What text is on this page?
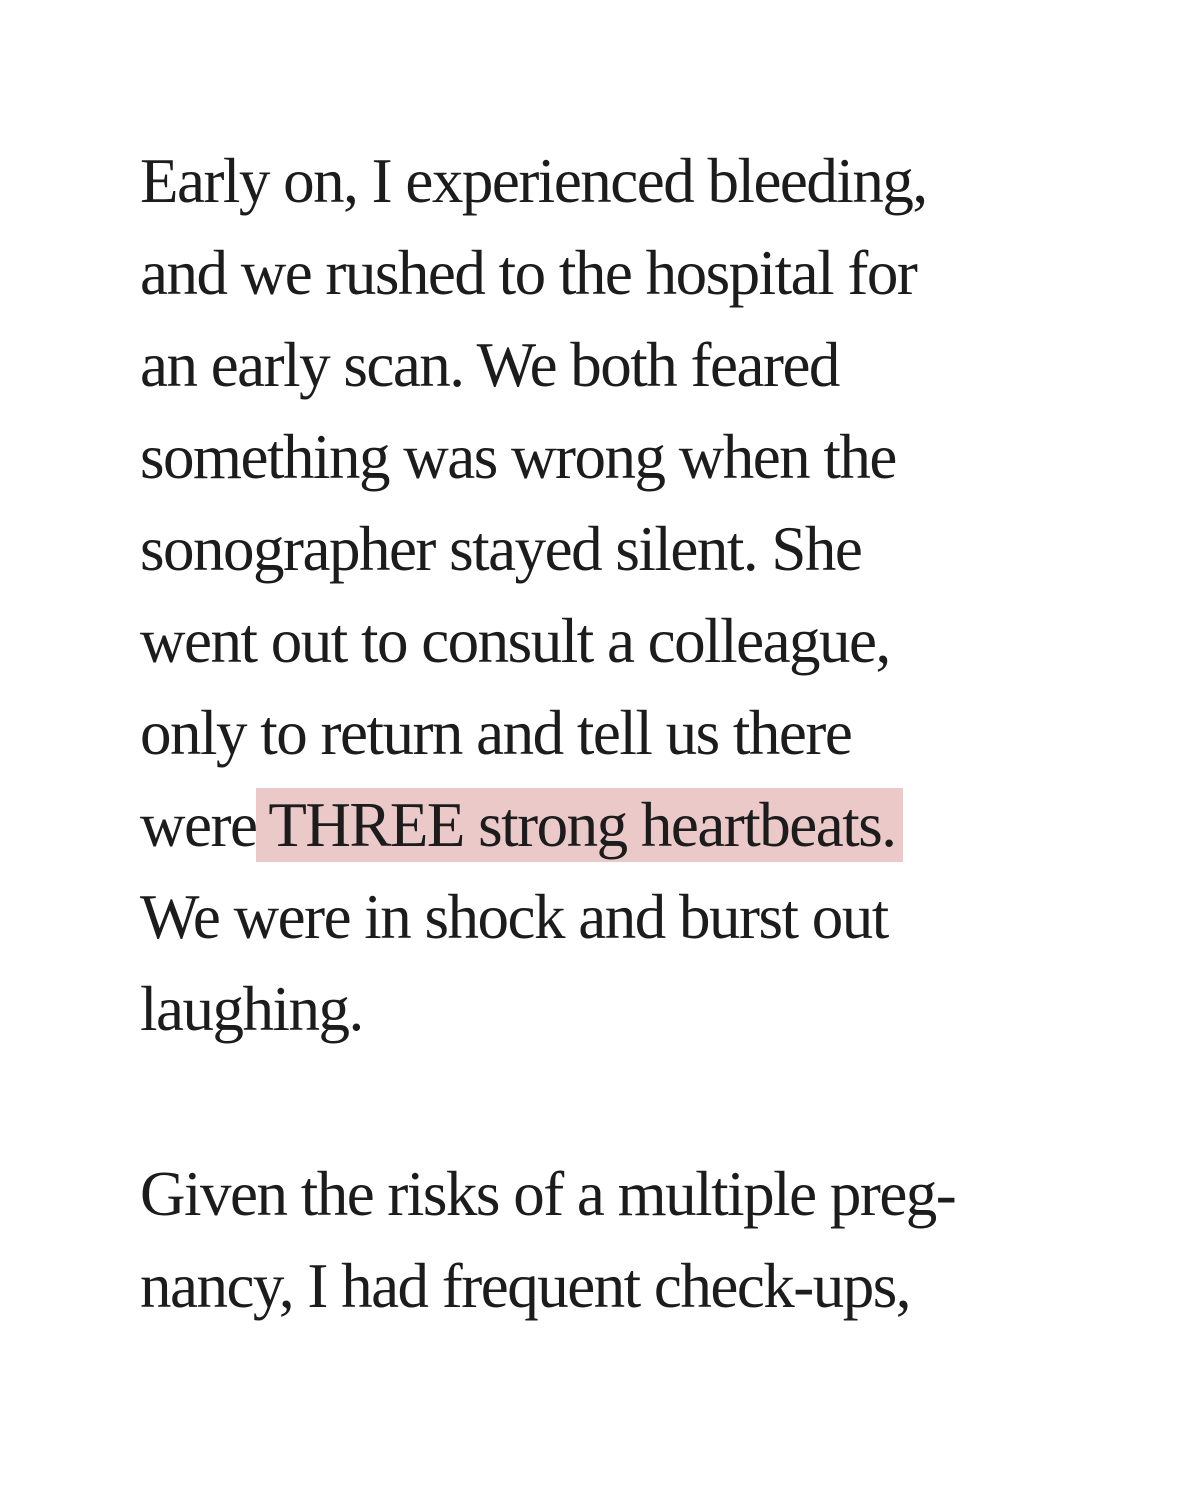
Early on, I experienced bleeding,
and we rushed to the hospital for
an early scan. We both feared
something was wrong when the
sonographer stayed silent. She
went out to consult a colleague,
only to return and tell us there
were THREE strong heartbeats.
We were in shock and burst out
laughing.
Given the risks of a multiple preg-
nancy, I had frequent check-ups,
